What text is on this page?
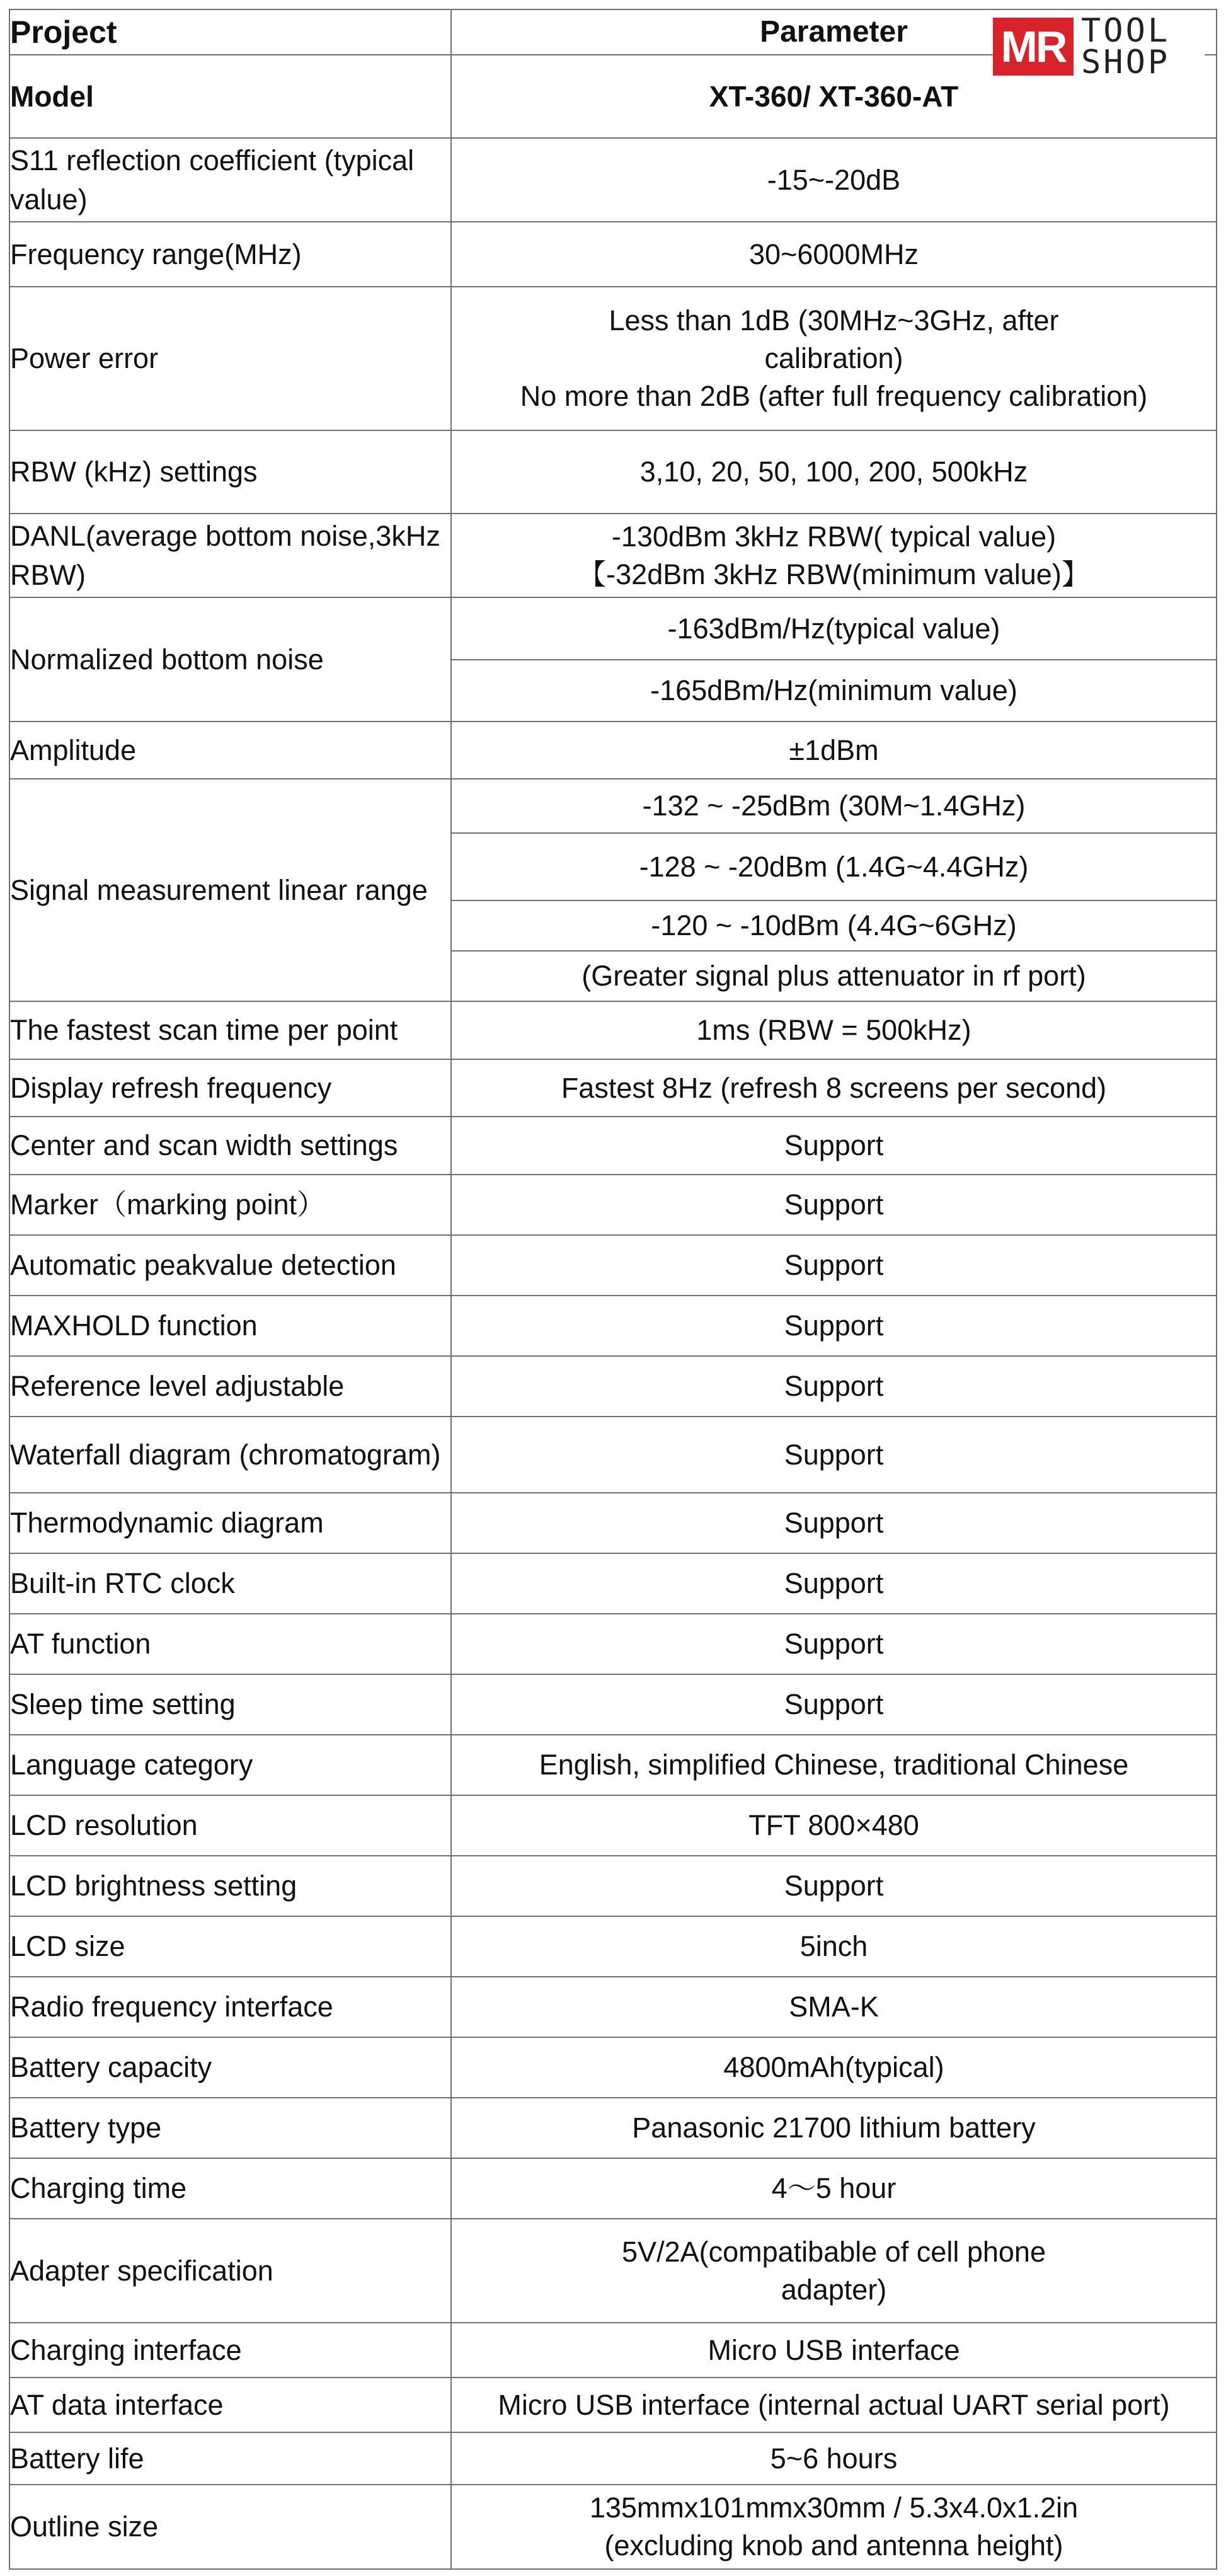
Project	Parameter
Model	XT-360/ XT-360-AT
S11 reflection coefficient (typical value)	-15~-20dB
Frequency range(MHz)	30~6000MHz
Power error	Less than 1dB (30MHz~3GHz, after
calibration)
No more than 2dB (after full frequency calibration)

RBW (kHz) settings	3,10, 20, 50, 100, 200, 500kHz
DANL(average bottom noise,3kHz RBW)	-130dBm 3kHz RBW( typical value)
【-32dBm 3kHz RBW(minimum value)】

Normalized bottom noise	-163dBm/Hz(typical value)
	-165dBm/Hz(minimum value)
Amplitude	±1dBm
Signal measurement linear range	-132 ~ -25dBm (30M~1.4GHz)
	-128 ~ -20dBm (1.4G~4.4GHz)
	-120 ~ -10dBm (4.4G~6GHz)
	(Greater signal plus attenuator in rf port)
The fastest scan time per point	1ms (RBW = 500kHz)
Display refresh frequency	Fastest 8Hz (refresh 8 screens per second)
Center and scan width settings	Support
Marker（marking point）	Support
Automatic peakvalue detection	Support
MAXHOLD function	Support
Reference level adjustable	Support
Waterfall diagram (chromatogram)	Support
Thermodynamic diagram	Support
Built-in RTC clock	Support
AT function	Support
Sleep time setting	Support
Language category	English, simplified Chinese, traditional Chinese
LCD resolution	TFT 800×480
LCD brightness setting	Support
LCD size	5inch
Radio frequency interface	SMA-K
Battery capacity	4800mAh(typical)
Battery type	Panasonic 21700 lithium battery
Charging time	4～5 hour
Adapter specification	5V/2A(compatibable of cell phone
adapter)

Charging interface	Micro USB interface
AT data interface	Micro USB interface (internal actual UART serial port)
Battery life	5~6 hours
Outline size	135mmx101mmx30mm / 5.3x4.0x1.2in
(excluding knob and antenna height)
MR TOOL
SHOP
